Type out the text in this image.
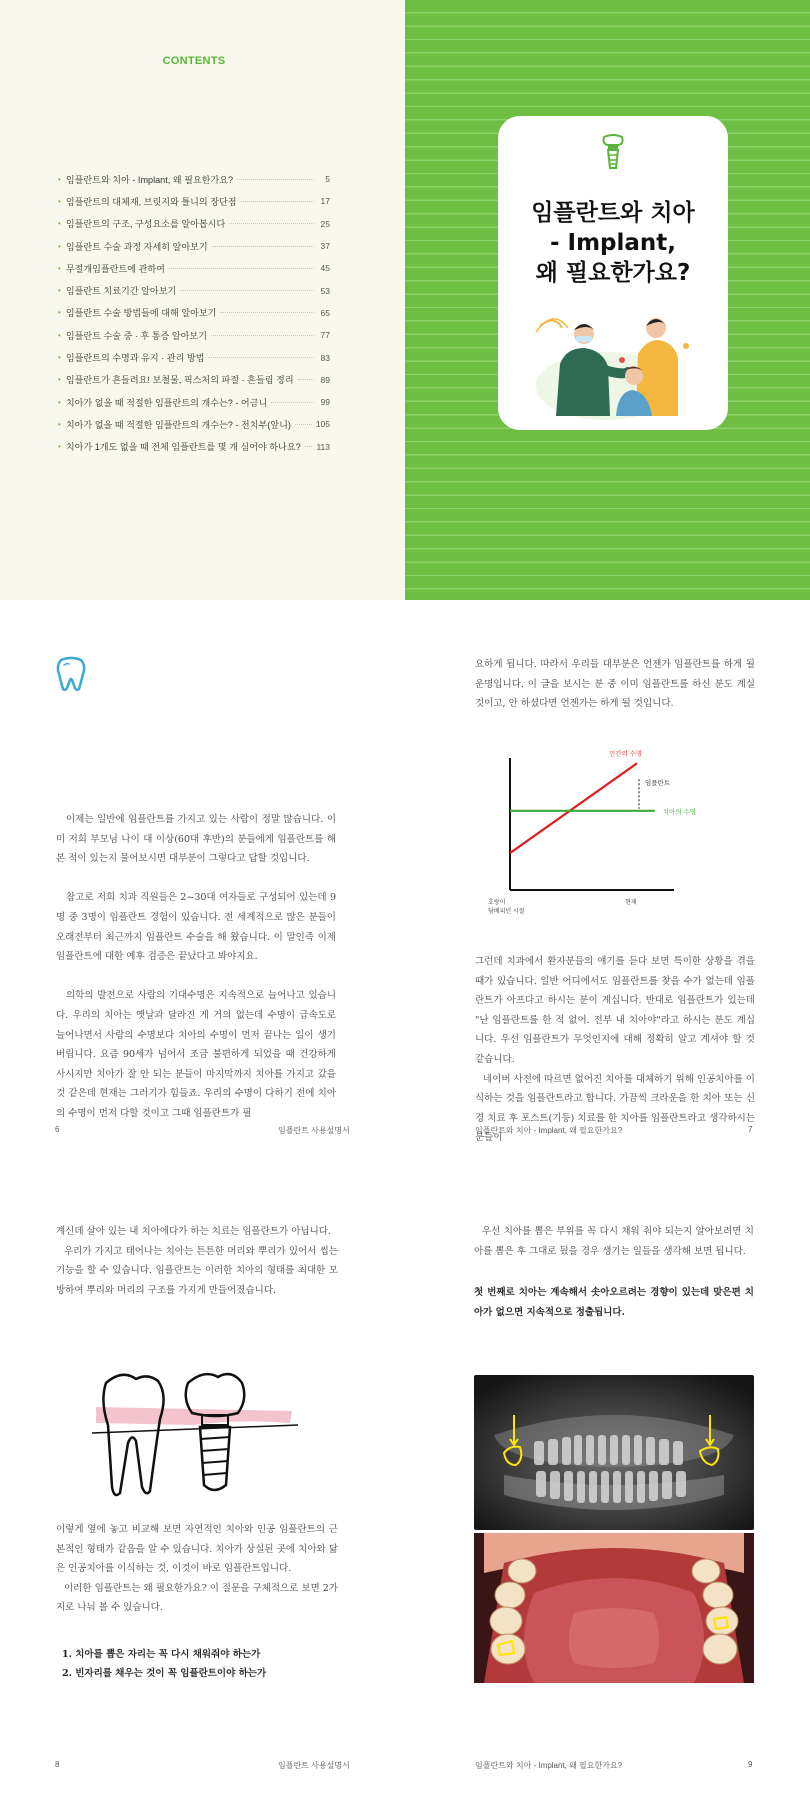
CONTENTS
• 임플란트와 치아 - Implant, 왜 필요한가요?	5
• 임플란트의 대체재, 브릿지와 틀니의 장단점	17
• 임플란트의 구조, 구성요소를 알아봅시다	25
• 임플란트 수술 과정 자세히 알아보기	37
• 무절개임플란트에 관하여	45
• 임플란트 치료기간 알아보기	53
• 임플란트 수술 방법들에 대해 알아보기	65
• 임플란트 수술 중 · 후 통증 알아보기	77
• 임플란트의 수명과 유지 · 관리 방법	83
• 임플란트가 흔들려요! 보철물, 픽스처의 파절 · 흔들림 정리	89
• 치아가 없을 때 적절한 임플란트의 개수는? - 어금니	99
• 치아가 없을 때 적절한 임플란트의 개수는? - 전치부(앞니)	105
• 치아가 1개도 없을 때 전체 임플란트를 몇 개 심어야 하나요? 113
임플란트와 치아
- Implant,
왜 필요한가요?

이제는 일반에 임플란트를 가지고 있는 사람이 정말 많습니다. 이미 저희 부모님 나이 대 이상(60대 후반)의 분들에게 임플란트를 해 본 적이 있는지 물어보시면 대부분이 그렇다고 답할 것입니다.

참고로 저희 치과 직원들은 2~30대 여자들로 구성되어 있는데 9명 중 3명이 임플란트 경험이 있습니다. 전 세계적으로 많은 분들이 오래전부터 최근까지 임플란트 수술을 해 왔습니다. 이 말인즉 이제 임플란트에 대한 예후 검증은 끝났다고 봐야지요.

의학의 발전으로 사람의 기대수명은 지속적으로 늘어나고 있습니다. 우리의 치아는 옛날과 달라진 게 거의 없는데 수명이 급속도로 늘어나면서 사람의 수명보다 치아의 수명이 먼저 끝나는 일이 생기 버립니다. 요즘 90세가 넘어서 조금 불편하게 되었을 때 건강하게 사시지만 치아가 잘 안 되는 분들이 마지막까지 치아를 가지고 갔을 것 같은데 현재는 그러기가 힘들죠. 우리의 수명이 다하기 전에 치아의 수명이 먼저 다할 것이고 그때 임플란트가 필

6	임플란트 사용설명서
요하게 됩니다. 따라서 우리들 대부분은 언젠가 임플란트를 하게 될 운명입니다. 이 글을 보시는 분 중 이미 임플란트를 하신 분도 계실 것이고, 안 하셨다면 언젠가는 하게 될 것입니다.
인간의 수명
치아의 수명
임플란트
호랑이 담배피던 시절
현재

그런데 치과에서 환자분들의 얘기를 듣다 보면 특이한 상황을 겪을 때가 있습니다. 일반 어디에서도 임플란트를 찾을 수가 없는데 임플란트가 아프다고 하시는 분이 계십니다. 반대로 임플란트가 있는데 "난 임플란트를 한 적 없어. 전부 내 치아야"라고 하시는 분도 계십니다. 우선 임플란트가 무엇인지에 대해 정확히 알고 계셔야 할 것 같습니다.

네이버 사전에 따르면 없어진 치아를 대체하기 위해 인공치아를 이식하는 것을 임플란트라고 합니다. 가끔씩 크라운을 한 치아 또는 신경 치료 후 포스트(기둥) 치료를 한 치아를 임플란트라고 생각하시는 분들이

임플란트와 치아 - Implant, 왜 필요한가요?	7

계신데 살아 있는 내 치아에다가 하는 치료는 임플란트가 아닙니다.

우리가 가지고 태어나는 치아는 튼튼한 머리와 뿌리가 있어서 씹는 기능을 할 수 있습니다. 임플란트는 이러한 치아의 형태를 최대한 모방하여 뿌리와 머리의 구조를 가지게 만들어졌습니다.

이렇게 옆에 놓고 비교해 보면 자연적인 치아와 인공 임플란트의 근본적인 형태가 같음을 알 수 있습니다. 치아가 상실된 곳에 치아와 닮은 인공치아를 이식하는 것, 이것이 바로 임플란트입니다.

이러한 임플란트는 왜 필요한가요? 이 질문을 구체적으로 보면 2가지로 나눠 볼 수 있습니다.

1. 치아를 뽑은 자리는 꼭 다시 채워줘야 하는가
2. 빈자리를 채우는 것이 꼭 임플란트이야 하는가
8	임플란트 사용설명서

우선 치아를 뽑은 부위를 꼭 다시 채워 줘야 되는지 알아보려면 치아를 뽑은 후 그대로 뒀을 경우 생기는 일들을 생각해 보면 됩니다.

첫 번째로 치아는 계속해서 솟아오르려는 경향이 있는데 맞은편 치아가 없으면 지속적으로 정출됩니다.
임플란트와 치아 - Implant, 왜 필요한가요?	9
